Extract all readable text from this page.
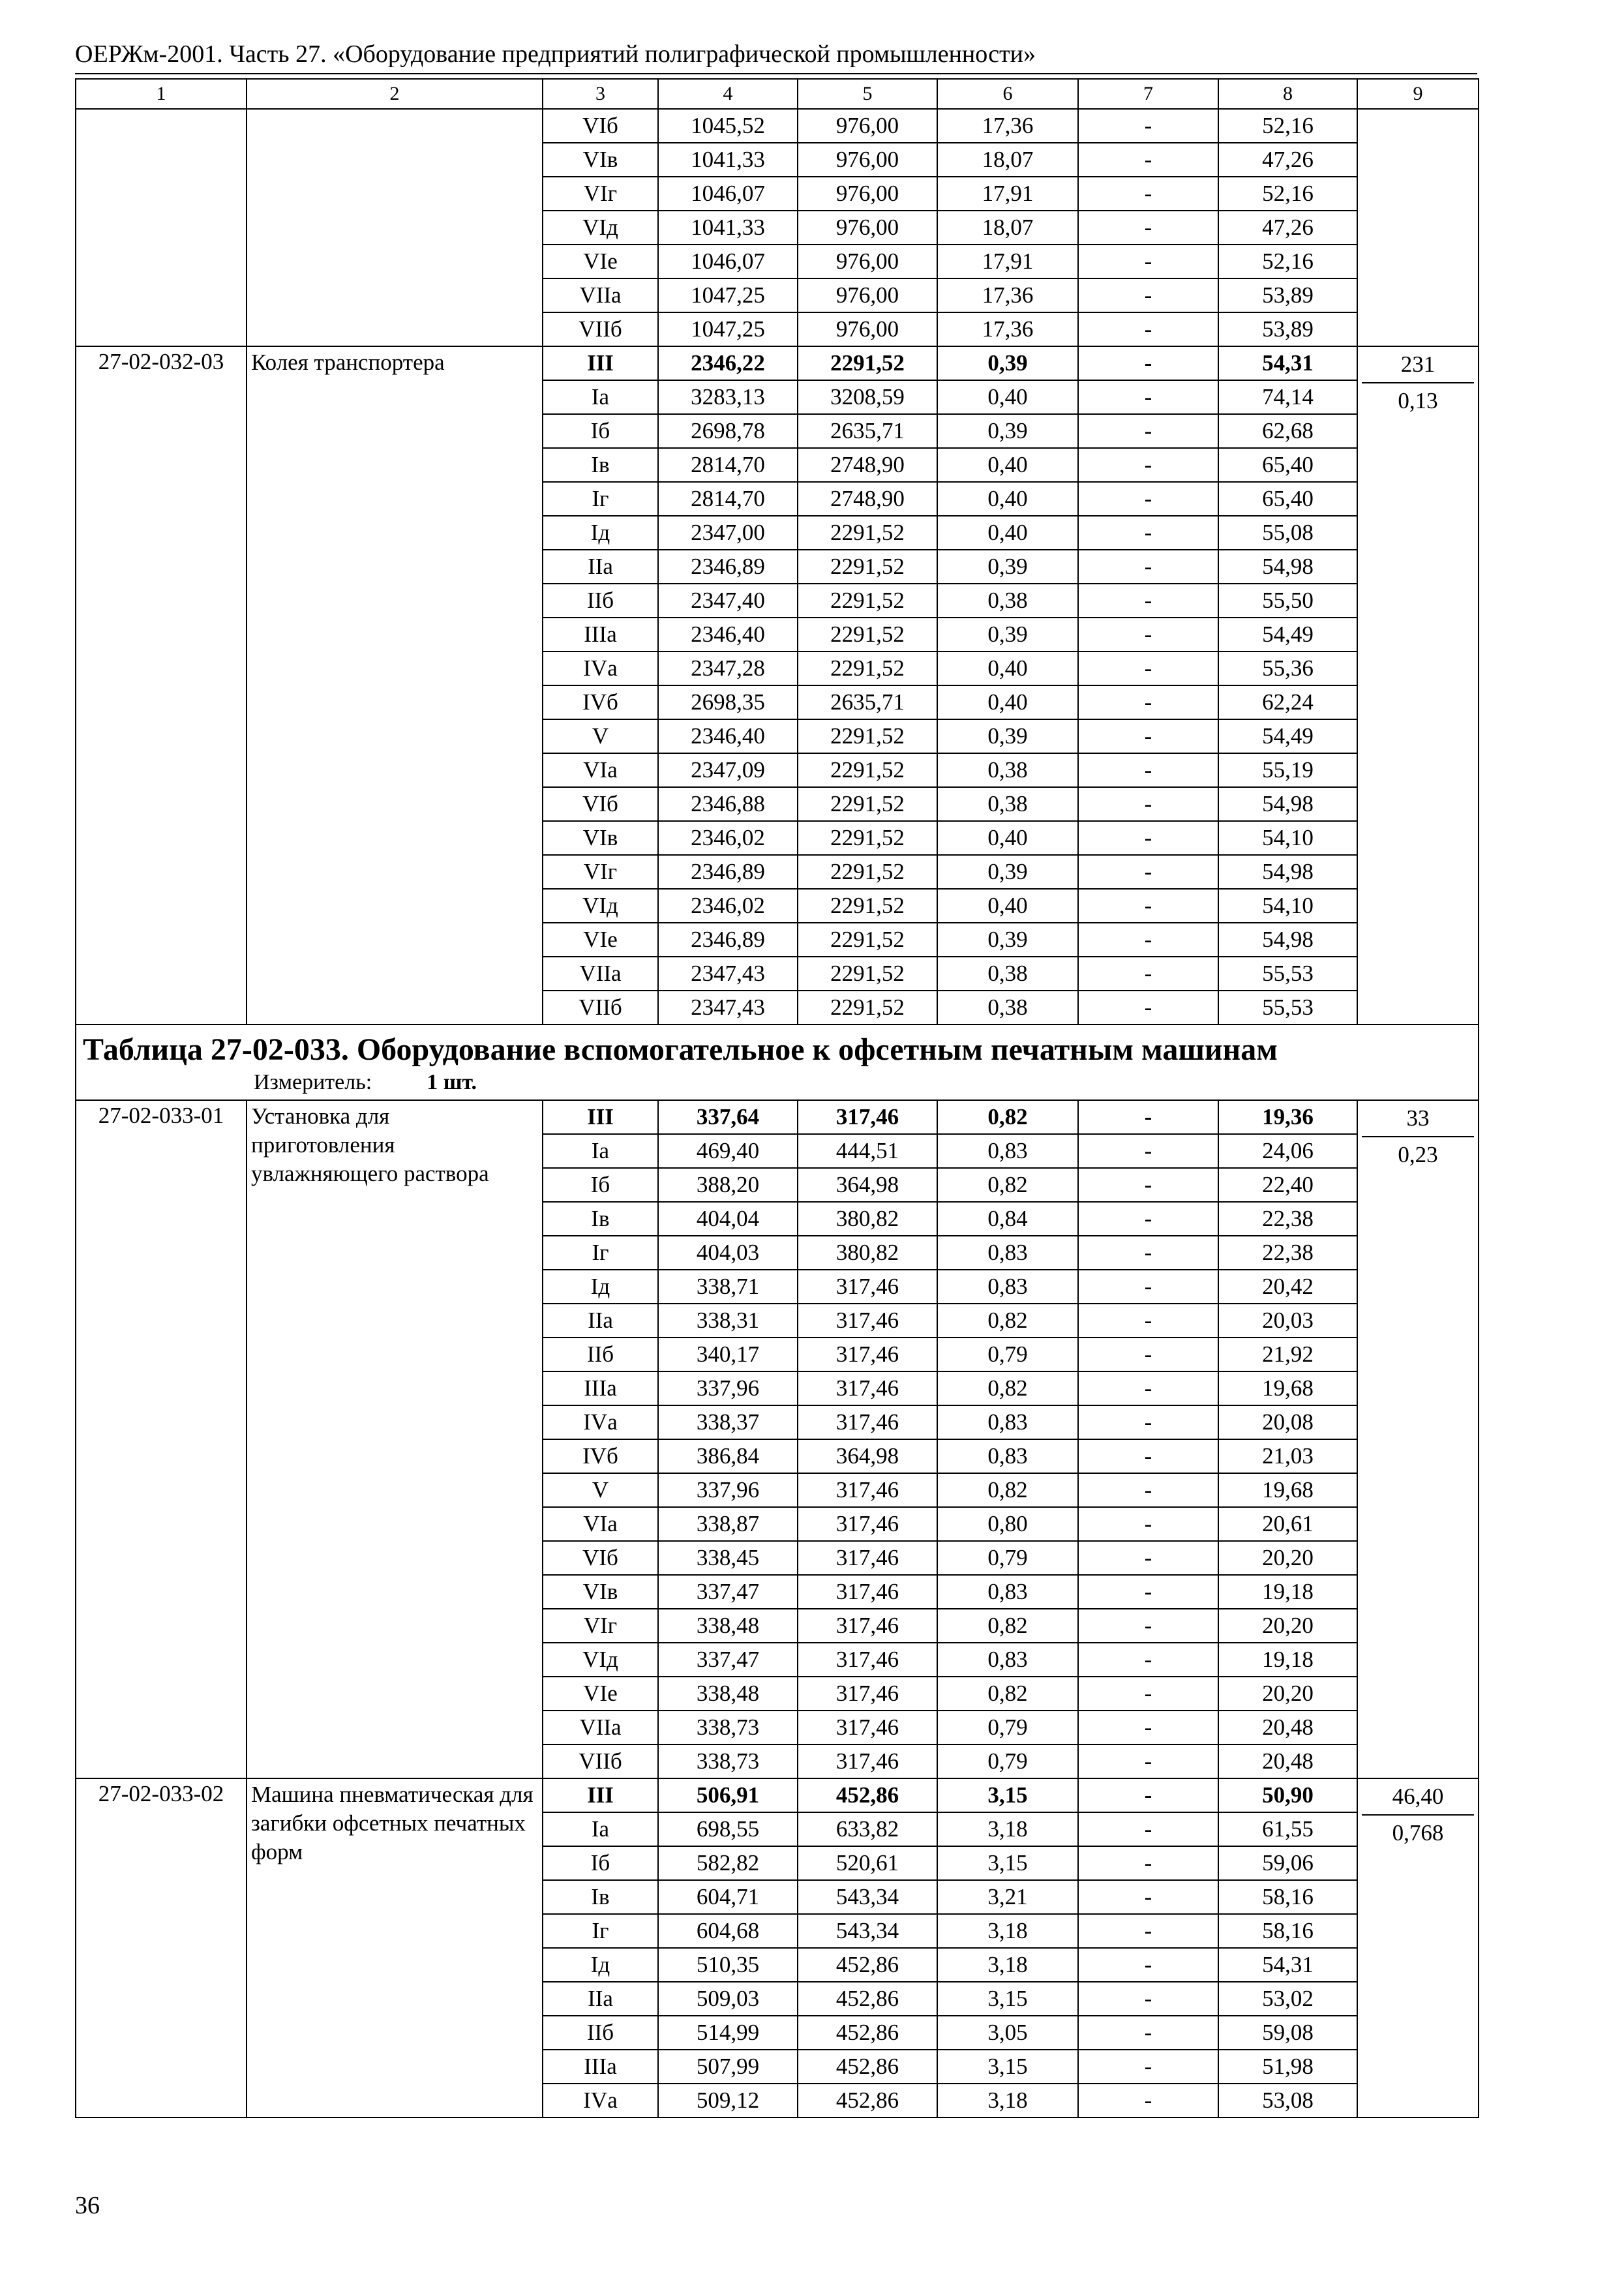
ОЕРЖм-2001. Часть 27. «Оборудование предприятий полиграфической промышленности»
1	2	3	4	5	6	7	8	9
		VIб	1045,52	976,00	17,36	-	52,16	
		VIв	1041,33	976,00	18,07	-	47,26	
		VIг	1046,07	976,00	17,91	-	52,16	
		VIд	1041,33	976,00	18,07	-	47,26	
		VIе	1046,07	976,00	17,91	-	52,16	
		VIIа	1047,25	976,00	17,36	-	53,89	
		VIIб	1047,25	976,00	17,36	-	53,89	
27-02-032-03	Колея транспортера	III	2346,22	2291,52	0,39	-	54,31	231
0,13

		Iа	3283,13	3208,59	0,40	-	74,14	
		Iб	2698,78	2635,71	0,39	-	62,68	
		Iв	2814,70	2748,90	0,40	-	65,40	
		Iг	2814,70	2748,90	0,40	-	65,40	
		Iд	2347,00	2291,52	0,40	-	55,08	
		IIа	2346,89	2291,52	0,39	-	54,98	
		IIб	2347,40	2291,52	0,38	-	55,50	
		IIIа	2346,40	2291,52	0,39	-	54,49	
		IVа	2347,28	2291,52	0,40	-	55,36	
		IVб	2698,35	2635,71	0,40	-	62,24	
		V	2346,40	2291,52	0,39	-	54,49	
		VIа	2347,09	2291,52	0,38	-	55,19	
		VIб	2346,88	2291,52	0,38	-	54,98	
		VIв	2346,02	2291,52	0,40	-	54,10	
		VIг	2346,89	2291,52	0,39	-	54,98	
		VIд	2346,02	2291,52	0,40	-	54,10	
		VIе	2346,89	2291,52	0,39	-	54,98	
		VIIа	2347,43	2291,52	0,38	-	55,53	
		VIIб	2347,43	2291,52	0,38	-	55,53	

Таблица 27-02-033. Оборудование вспомогательное к офсетным печатным машинам
Измеритель: 1 шт.								

27-02-033-01	Установка для приготовления увлажняющего раствора	III	337,64	317,46	0,82	-	19,36	33
0,23

		Iа	469,40	444,51	0,83	-	24,06	
		Iб	388,20	364,98	0,82	-	22,40	
		Iв	404,04	380,82	0,84	-	22,38	
		Iг	404,03	380,82	0,83	-	22,38	
		Iд	338,71	317,46	0,83	-	20,42	
		IIа	338,31	317,46	0,82	-	20,03	
		IIб	340,17	317,46	0,79	-	21,92	
		IIIа	337,96	317,46	0,82	-	19,68	
		IVа	338,37	317,46	0,83	-	20,08	
		IVб	386,84	364,98	0,83	-	21,03	
		V	337,96	317,46	0,82	-	19,68	
		VIа	338,87	317,46	0,80	-	20,61	
		VIб	338,45	317,46	0,79	-	20,20	
		VIв	337,47	317,46	0,83	-	19,18	
		VIг	338,48	317,46	0,82	-	20,20	
		VIд	337,47	317,46	0,83	-	19,18	
		VIе	338,48	317,46	0,82	-	20,20	
		VIIа	338,73	317,46	0,79	-	20,48	
		VIIб	338,73	317,46	0,79	-	20,48	
27-02-033-02	Машина пневматическая для загибки офсетных печатных форм	III	506,91	452,86	3,15	-	50,90	46,40
0,768

		Iа	698,55	633,82	3,18	-	61,55	
		Iб	582,82	520,61	3,15	-	59,06	
		Iв	604,71	543,34	3,21	-	58,16	
		Iг	604,68	543,34	3,18	-	58,16	
		Iд	510,35	452,86	3,18	-	54,31	
		IIа	509,03	452,86	3,15	-	53,02	
		IIб	514,99	452,86	3,05	-	59,08	
		IIIа	507,99	452,86	3,15	-	51,98	
		IVа	509,12	452,86	3,18	-	53,08	
36
